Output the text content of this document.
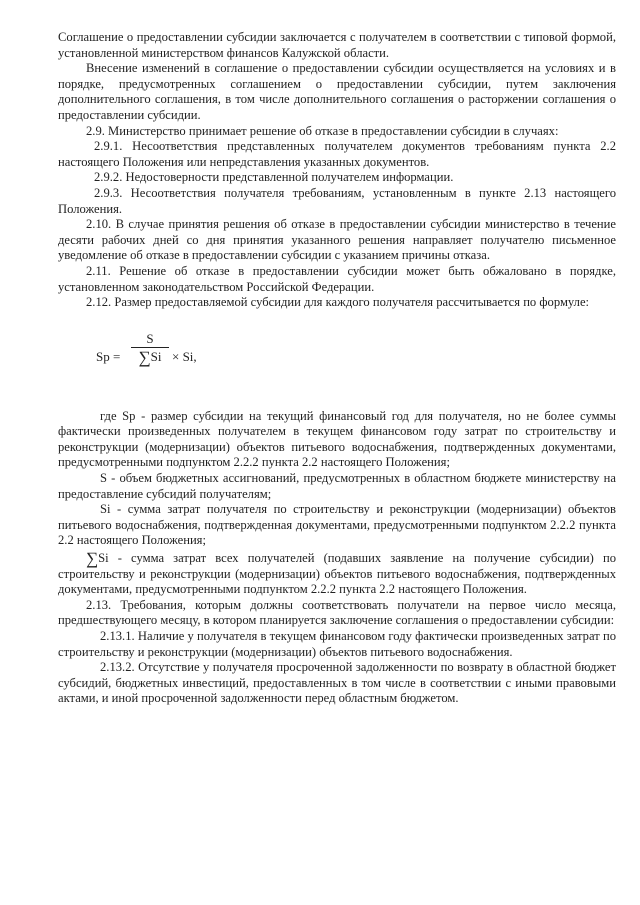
Соглашение о предоставлении субсидии заключается с получателем в соответствии с типовой формой, установленной министерством финансов Калужской области.

Внесение изменений в соглашение о предоставлении субсидии осуществляется на условиях и в порядке, предусмотренных соглашением о предоставлении субсидии, путем заключения дополнительного соглашения, в том числе дополнительного соглашения о расторжении соглашения о предоставлении субсидии.

2.9. Министерство принимает решение об отказе в предоставлении субсидии в случаях:

2.9.1. Несоответствия представленных получателем документов требованиям пункта 2.2 настоящего Положения или непредставления указанных документов.

2.9.2. Недостоверности представленной получателем информации.

2.9.3. Несоответствия получателя требованиям, установленным в пункте 2.13 настоящего Положения.

2.10. В случае принятия решения об отказе в предоставлении субсидии министерство в течение десяти рабочих дней со дня принятия указанного решения направляет получателю письменное уведомление об отказе в предоставлении субсидии с указанием причины отказа.

2.11. Решение об отказе в предоставлении субсидии может быть обжаловано в порядке, установленном законодательством Российской Федерации.

2.12. Размер предоставляемой субсидии для каждого получателя рассчитывается по формуле:

Sp =
S
∑Si × Si,

где Sp - размер субсидии на текущий финансовый год для получателя, но не более суммы фактически произведенных получателем в текущем финансовом году затрат по строительству и реконструкции (модернизации) объектов питьевого водоснабжения, подтвержденных документами, предусмотренными подпунктом 2.2.2 пункта 2.2 настоящего Положения;

S - объем бюджетных ассигнований, предусмотренных в областном бюджете министерству на предоставление субсидий получателям;

Si - сумма затрат получателя по строительству и реконструкции (модернизации) объектов питьевого водоснабжения, подтвержденная документами, предусмотренными подпунктом 2.2.2 пункта 2.2 настоящего Положения;

∑Si - сумма затрат всех получателей (подавших заявление на получение субсидии) по строительству и реконструкции (модернизации) объектов питьевого водоснабжения, подтвержденных документами, предусмотренными подпунктом 2.2.2 пункта 2.2 настоящего Положения.

2.13. Требования, которым должны соответствовать получатели на первое число месяца, предшествующего месяцу, в котором планируется заключение соглашения о предоставлении субсидии:

2.13.1. Наличие у получателя в текущем финансовом году фактически произведенных затрат по строительству и реконструкции (модернизации) объектов питьевого водоснабжения.

2.13.2. Отсутствие у получателя просроченной задолженности по возврату в областной бюджет субсидий, бюджетных инвестиций, предоставленных в том числе в соответствии с иными правовыми актами, и иной просроченной задолженности перед областным бюджетом.
